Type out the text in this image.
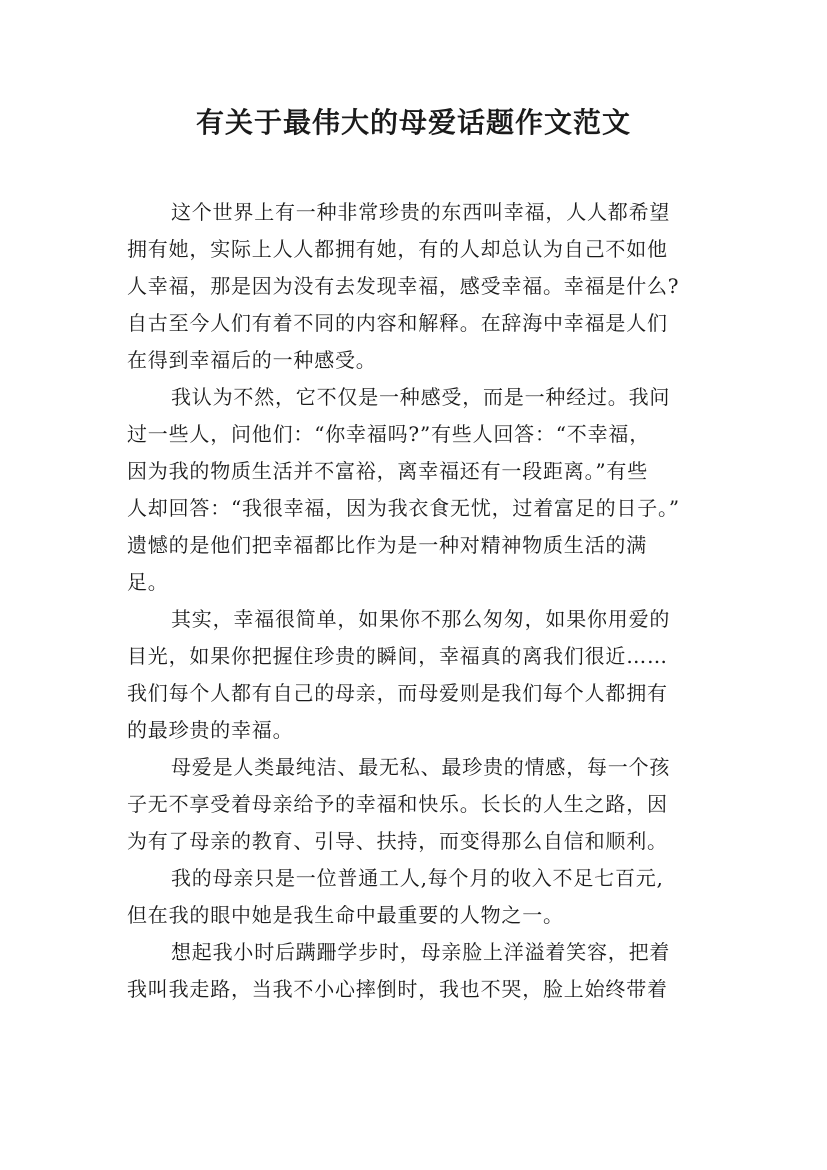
有关于最伟大的母爱话题作文范文

这个世界上有一种非常珍贵的东西叫幸福，人人都希望

拥有她，实际上人人都拥有她，有的人却总认为自己不如他

人幸福，那是因为没有去发现幸福，感受幸福。幸福是什么?

自古至今人们有着不同的内容和解释。在辞海中幸福是人们

在得到幸福后的一种感受。

我认为不然，它不仅是一种感受，而是一种经过。我问

过一些人，问他们：“你幸福吗?”有些人回答：“不幸福，

因为我的物质生活并不富裕，离幸福还有一段距离。”有些

人却回答：“我很幸福，因为我衣食无忧，过着富足的日子。”

遗憾的是他们把幸福都比作为是一种对精神物质生活的满

足。

其实，幸福很简单，如果你不那么匆匆，如果你用爱的

目光，如果你把握住珍贵的瞬间，幸福真的离我们很近……

我们每个人都有自己的母亲，而母爱则是我们每个人都拥有

的最珍贵的幸福。

母爱是人类最纯洁、最无私、最珍贵的情感，每一个孩

子无不享受着母亲给予的幸福和快乐。长长的人生之路，因

为有了母亲的教育、引导、扶持，而变得那么自信和顺利。

我的母亲只是一位普通工人,每个月的收入不足七百元,

但在我的眼中她是我生命中最重要的人物之一。

想起我小时后蹒跚学步时，母亲脸上洋溢着笑容，把着

我叫我走路，当我不小心摔倒时，我也不哭，脸上始终带着
